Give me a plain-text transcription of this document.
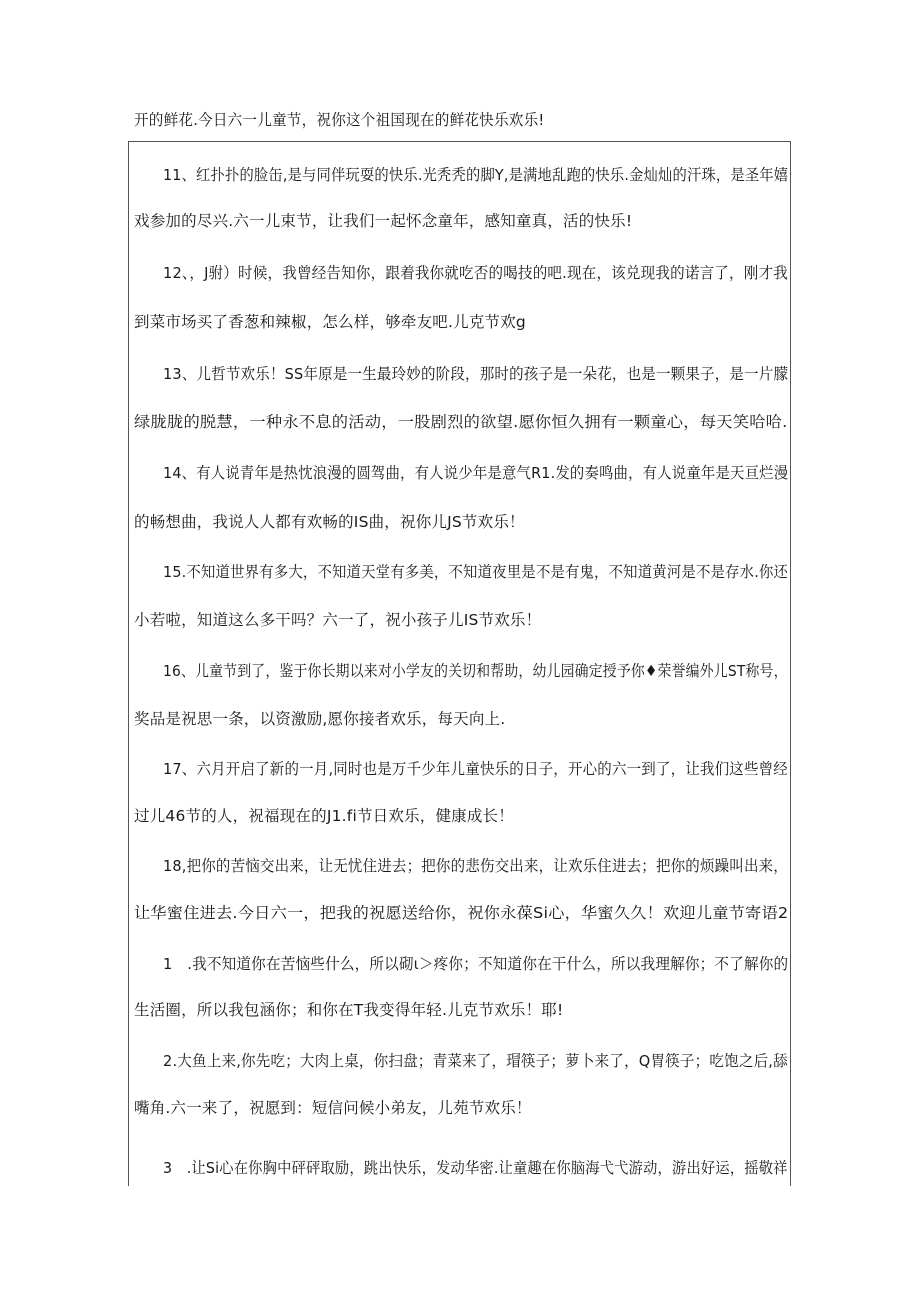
开的鲜花.今日六一儿童节，祝你这个祖国现在的鲜花快乐欢乐!
11、红扑扑的脸缶,是与同伴玩耍的快乐.光秃秃的脚Y,是满地乱跑的快乐.金灿灿的汗珠，是圣年嬉
戏参加的尽兴.六一儿束节，让我们一起怀念童年，感知童真，活的快乐!
12、，J驸）时候，我曾经告知你，跟着我你就吃否的喝技的吧.现在，该兑现我的诺言了，刚才我
到菜市场买了香葱和辣椒，怎么样，够牵友吧.儿克节欢g
13、儿哲节欢乐！SS年原是一生最玲妙的阶段，那时的孩子是一朵花，也是一颗果子，是一片朦
绿胧胧的脱慧，一种永不息的活动，一股剧烈的欲望.愿你恒久拥有一颗童心，每天笑哈哈.
14、有人说青年是热忱浪漫的圆驾曲，有人说少年是意气R1.发的奏鸣曲，有人说童年是天亘烂漫
的畅想曲，我说人人都有欢畅的IS曲，祝你儿JS节欢乐！
15.不知道世界有多大，不知道天堂有多美，不知道夜里是不是有鬼，不知道黄河是不是存水.你还
小若啦，知道这么多干吗？六一了，祝小孩子儿IS节欢乐！
16、儿童节到了，鉴于你长期以来对小学友的关切和帮助，幼儿园确定授予你♦荣誉编外儿ST称号，
奖品是祝思一条，以资激励,愿你接者欢乐，每天向上.
17、六月开启了新的一月,同时也是万千少年儿童快乐的日子，开心的六一到了，让我们这些曾经
过儿46节的人，祝福现在的J1.fi节日欢乐，健康成长！
18,把你的苦恼交出来，让无忧住进去；把你的悲伤交出来，让欢乐住进去；把你的烦躁叫出来，
让华蜜住进去.今日六一，把我的祝愿送给你，祝你永葆Si心，华蜜久久！欢迎儿童节寄语2
1　.我不知道你在苦恼些什么，所以砌ι＞疼你；不知道你在干什么，所以我理解你；不了解你的
生活圈，所以我包涵你；和你在T我变得年轻.儿克节欢乐！耶!
2.大鱼上来,你先吃；大肉上桌，你扫盘；青菜来了，瑁筷子；萝卜来了，Q胃筷子；吃饱之后,舔
嘴角.六一来了，祝愿到：短信问候小弟友，儿苑节欢乐！
3　.让Si心在你胸中砰砰取励，跳出快乐，发动华密.让童趣在你脑海弋弋游动，游出好运，摇敬祥
